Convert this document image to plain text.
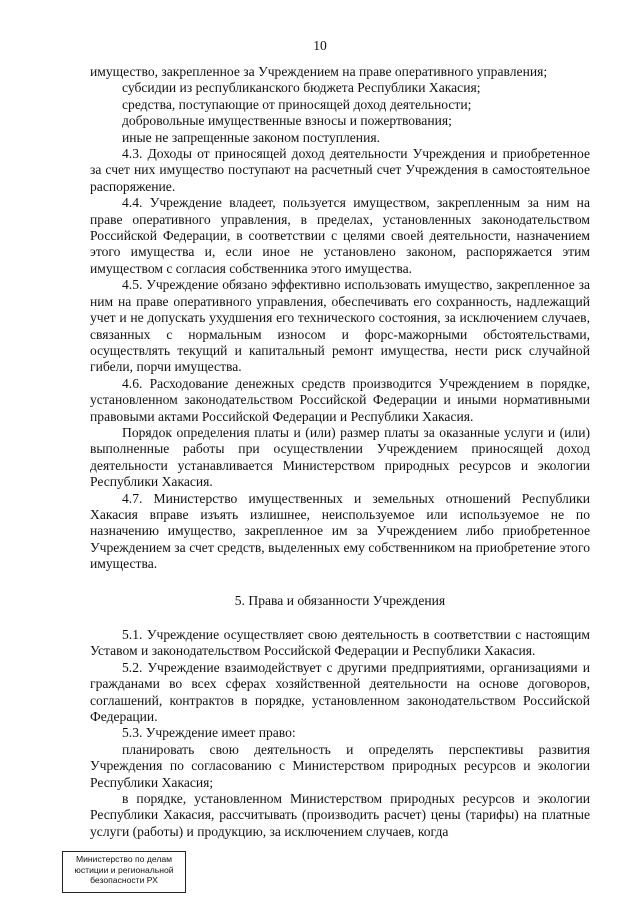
10

имущество, закрепленное за Учреждением на праве оперативного управления;

субсидии из республиканского бюджета Республики Хакасия;

средства, поступающие от приносящей доход деятельности;

добровольные имущественные взносы и пожертвования;

иные не запрещенные законом поступления.

4.3. Доходы от приносящей доход деятельности Учреждения и приобретенное за счет них имущество поступают на расчетный счет Учреждения в самостоятельное распоряжение.

4.4. Учреждение владеет, пользуется имуществом, закрепленным за ним на праве оперативного управления, в пределах, установленных законодательством Российской Федерации, в соответствии с целями своей деятельности, назначением этого имущества и, если иное не установлено законом, распоряжается этим имуществом с согласия собственника этого имущества.

4.5. Учреждение обязано эффективно использовать имущество, закрепленное за ним на праве оперативного управления, обеспечивать его сохранность, надлежащий учет и не допускать ухудшения его технического состояния, за исключением случаев, связанных с нормальным износом и форс-мажорными обстоятельствами, осуществлять текущий и капитальный ремонт имущества, нести риск случайной гибели, порчи имущества.

4.6. Расходование денежных средств производится Учреждением в порядке, установленном законодательством Российской Федерации и иными нормативными правовыми актами Российской Федерации и Республики Хакасия.

Порядок определения платы и (или) размер платы за оказанные услуги и (или) выполненные работы при осуществлении Учреждением приносящей доход деятельности устанавливается Министерством природных ресурсов и экологии Республики Хакасия.

4.7. Министерство имущественных и земельных отношений Республики Хакасия вправе изъять излишнее, неиспользуемое или используемое не по назначению имущество, закрепленное им за Учреждением либо приобретенное Учреждением за счет средств, выделенных ему собственником на приобретение этого имущества.

5. Права и обязанности Учреждения

5.1. Учреждение осуществляет свою деятельность в соответствии с настоящим Уставом и законодательством Российской Федерации и Республики Хакасия.

5.2. Учреждение взаимодействует с другими предприятиями, организациями и гражданами во всех сферах хозяйственной деятельности на основе договоров, соглашений, контрактов в порядке, установленном законодательством Российской Федерации.

5.3. Учреждение имеет право:

планировать свою деятельность и определять перспективы развития Учреждения по согласованию с Министерством природных ресурсов и экологии Республики Хакасия;

в порядке, установленном Министерством природных ресурсов и экологии Республики Хакасия, рассчитывать (производить расчет) цены (тарифы) на платные услуги (работы) и продукцию, за исключением случаев, когда

Министерство по делам
юстиции и региональной
безопасности РХ
